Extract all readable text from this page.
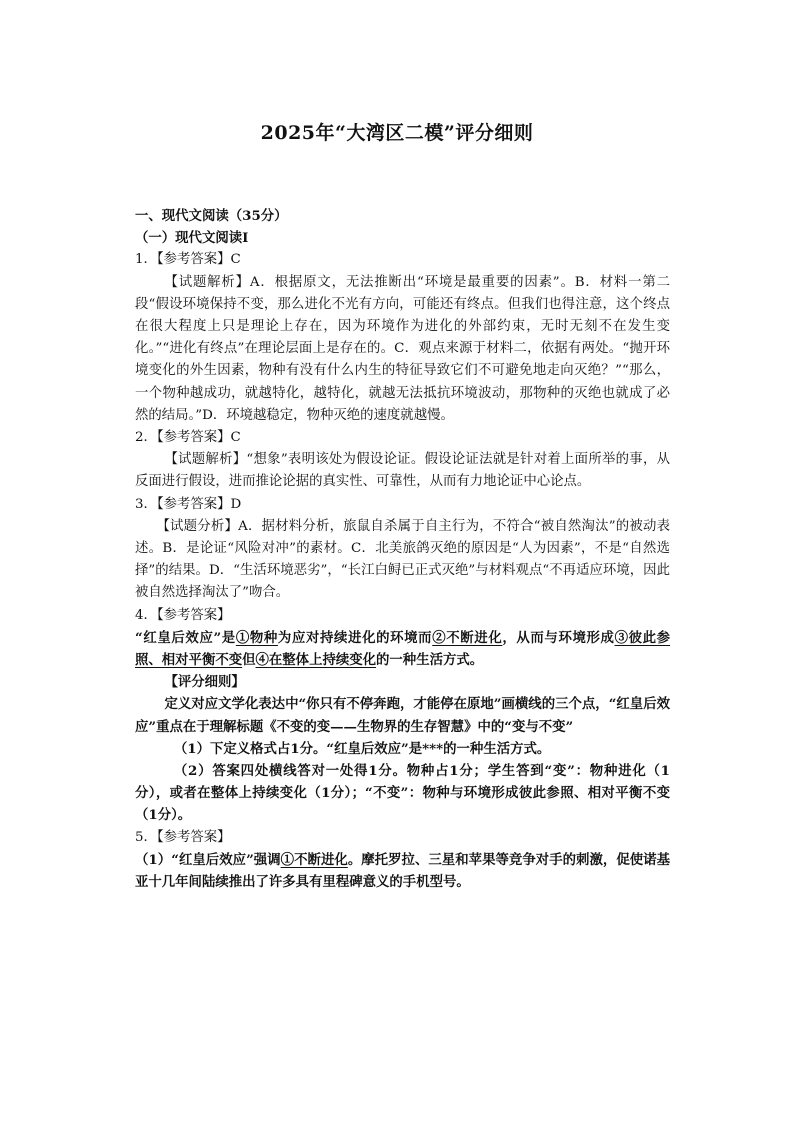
2025年“大湾区二模”评分细则

一、现代文阅读（35分）

（一）现代文阅读Ⅰ

1．【参考答案】C

【试题解析】A．根据原文，无法推断出“环境是最重要的因素”。B．材料一第二段“假设环境保持不变，那么进化不光有方向，可能还有终点。但我们也得注意，这个终点在很大程度上只是理论上存在，因为环境作为进化的外部约束，无时无刻不在发生变化。”“进化有终点”在理论层面上是存在的。C．观点来源于材料二，依据有两处。“抛开环境变化的外生因素，物种有没有什么内生的特征导致它们不可避免地走向灭绝？”“那么，一个物种越成功，就越特化，越特化，就越无法抵抗环境波动，那物种的灭绝也就成了必然的结局。”D．环境越稳定，物种灭绝的速度就越慢。

2．【参考答案】C

【试题解析】“想象”表明该处为假设论证。假设论证法就是针对着上面所举的事，从反面进行假设，进而推论论据的真实性、可靠性，从而有力地论证中心论点。

3．【参考答案】D

【试题分析】A．据材料分析，旅鼠自杀属于自主行为，不符合“被自然淘汰”的被动表述。B．是论证“风险对冲”的素材。C．北美旅鸽灭绝的原因是“人为因素”，不是“自然选择”的结果。D．“生活环境恶劣”，“长江白鲟已正式灭绝”与材料观点“不再适应环境，因此被自然选择淘汰了”吻合。

4．【参考答案】

“红皇后效应”是①物种为应对持续进化的环境而②不断进化，从而与环境形成③彼此参照、相对平衡不变但④在整体上持续变化的一种生活方式。

【评分细则】

定义对应文学化表达中“你只有不停奔跑，才能停在原地”画横线的三个点，“红皇后效应”重点在于理解标题《不变的变——生物界的生存智慧》中的“变与不变”

（1）下定义格式占1分。“红皇后效应”是***的一种生活方式。

（2）答案四处横线答对一处得1分。物种占1分；学生答到“变”：物种进化（1分），或者在整体上持续变化（1分）；“不变”：物种与环境形成彼此参照、相对平衡不变（1分）。

5．【参考答案】

（1）“红皇后效应”强调①不断进化。摩托罗拉、三星和苹果等竞争对手的刺激，促使诺基亚十几年间陆续推出了许多具有里程碑意义的手机型号。
